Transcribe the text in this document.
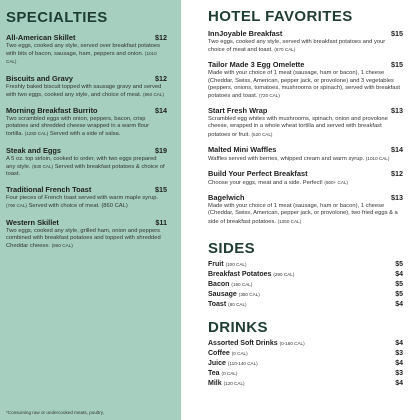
SPECIALTIES
All-American Skillet	$12
Two eggs, cooked any style, served over breakfast potatoes with bits of bacon, sausage, ham, peppers and onion. (1010 CAL)
Biscuits and Gravy	$12
Freshly baked biscuit topped with sausage gravy and served with two eggs, cooked any style, and choice of meat. (860 CAL)
Morning Breakfast Burrito	$14
Two scrambled eggs with onion, peppers, bacon, crisp potatoes and shredded cheese wrapped in a warm flour tortilla. (1280 CAL) Served with a side of salsa.
Steak and Eggs	$19
A 5 oz. top sirloin, cooked to order, with two eggs prepared any style. (830 CAL) Served with breakfast potatoes & choice of toast.
Traditional French Toast	$15
Four pieces of French toast served with warm maple syrup. (790 CAL) Served with choice of meat. (860 CAL)
Western Skillet	$11
Two eggs, cooked any style, grilled ham, onion and peppers combined with breakfast potatoes and topped with shredded Cheddar cheese. (860 CAL)
*Consuming raw or undercooked meats, poultry,
HOTEL FAVORITES
InnJoyable Breakfast	$15
Two eggs, cooked any style, served with breakfast potatoes and your choice of meat and toast. (870 CAL)
Tailor Made 3 Egg Omelette	$15
Made with your choice of 1 meat (sausage, ham or bacon), 1 cheese (Cheddar, Swiss, American, pepper jack, or provolone) and 3 vegetables (peppers, onions, tomatoes, mushrooms or spinach), served with breakfast potatoes and toast. (720 CAL)
Start Fresh Wrap	$13
Scrambled egg whites with mushrooms, spinach, onion and provolone cheese, wrapped in a whole wheat tortilla and served with breakfast potatoes or fruit. (520 CAL)
Malted Mini Waffles	$14
Waffles served with berries, whipped cream and warm syrup. (1010 CAL)
Build Your Perfect Breakfast	$12
Choose your eggs, meat and a side. Perfect! (560+ CAL)
Bagelwich	$13
Made with your choice of 1 meat (sausage, ham or bacon), 1 cheese (Cheddar, Swiss, American, pepper jack, or provolone), two fried eggs & a side of breakfast potatoes. (1050 CAL)
SIDES
Fruit (100 CAL)	$5
Breakfast Potatoes (290 CAL)	$4
Bacon (160 CAL)	$5
Sausage (350 CAL)	$5
Toast (80 CAL)	$4
DRINKS
Assorted Soft Drinks (0-160 CAL)	$4
Coffee (0 CAL)	$3
Juice (110-140 CAL)	$4
Tea (0 CAL)	$3
Milk (120 CAL)	$4
